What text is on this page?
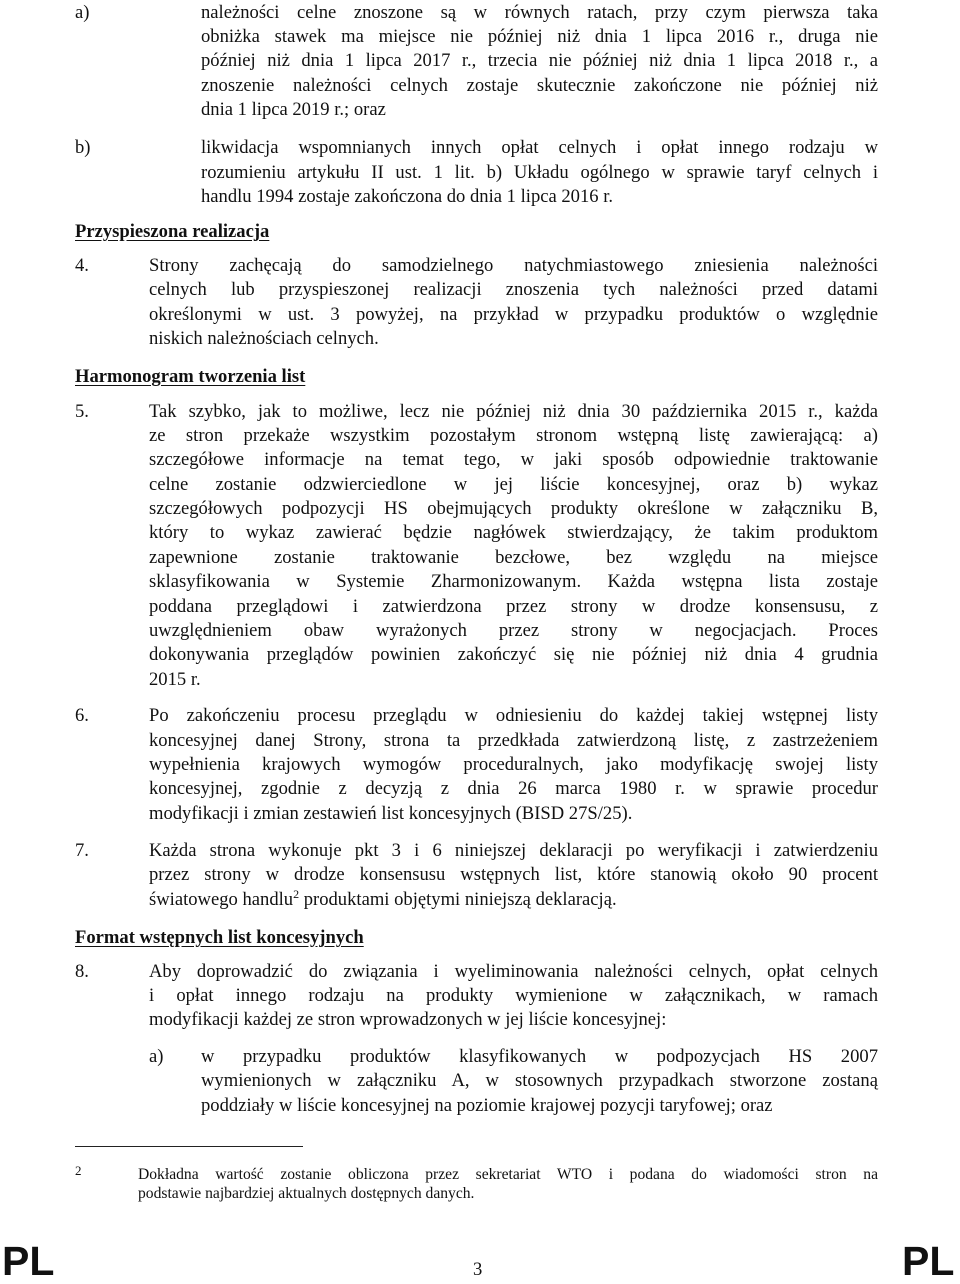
a)	należności celne znoszone są w równych ratach, przy czym pierwsza taka
obniżka stawek ma miejsce nie później niż dnia 1 lipca 2016 r., druga nie
później niż dnia 1 lipca 2017 r., trzecia nie później niż dnia 1 lipca 2018 r., a
znoszenie należności celnych zostaje skutecznie zakończone nie później niż
dnia 1 lipca 2019 r.; oraz
b)	likwidacja wspomnianych innych opłat celnych i opłat innego rodzaju w
rozumieniu artykułu II ust. 1 lit. b) Układu ogólnego w sprawie taryf celnych i
handlu 1994 zostaje zakończona do dnia 1 lipca 2016 r.
Przyspieszona realizacja
4.	Strony zachęcają do samodzielnego natychmiastowego zniesienia należności
celnych lub przyspieszonej realizacji znoszenia tych należności przed datami
określonymi w ust. 3 powyżej, na przykład w przypadku produktów o względnie
niskich należnościach celnych.
Harmonogram tworzenia list
5.	Tak szybko, jak to możliwe, lecz nie później niż dnia 30 października 2015 r., każda
ze stron przekaże wszystkim pozostałym stronom wstępną listę zawierającą: a)
szczegółowe informacje na temat tego, w jaki sposób odpowiednie traktowanie
celne zostanie odzwierciedlone w jej liście koncesyjnej, oraz b) wykaz
szczegółowych podpozycji HS obejmujących produkty określone w załączniku B,
który to wykaz zawierać będzie nagłówek stwierdzający, że takim produktom
zapewnione zostanie traktowanie bezcłowe, bez względu na miejsce
sklasyfikowania w Systemie Zharmonizowanym. Każda wstępna lista zostaje
poddana przeglądowi i zatwierdzona przez strony w drodze konsensusu, z
uwzględnieniem obaw wyrażonych przez strony w negocjacjach. Proces
dokonywania przeglądów powinien zakończyć się nie później niż dnia 4 grudnia
2015 r.
6.	Po zakończeniu procesu przeglądu w odniesieniu do każdej takiej wstępnej listy
koncesyjnej danej Strony, strona ta przedkłada zatwierdzoną listę, z zastrzeżeniem
wypełnienia krajowych wymogów proceduralnych, jako modyfikację swojej listy
koncesyjnej, zgodnie z decyzją z dnia 26 marca 1980 r. w sprawie procedur
modyfikacji i zmian zestawień list koncesyjnych (BISD 27S/25).
7.	Każda strona wykonuje pkt 3 i 6 niniejszej deklaracji po weryfikacji i zatwierdzeniu
przez strony w drodze konsensusu wstępnych list, które stanowią około 90 procent
światowego handlu$^2$ produktami objętymi niniejszą deklaracją.
Format wstępnych list koncesyjnych
8.	Aby doprowadzić do związania i wyeliminowania należności celnych, opłat celnych
i opłat innego rodzaju na produkty wymienione w załącznikach, w ramach
modyfikacji każdej ze stron wprowadzonych w jej liście koncesyjnej:
a) w przypadku produktów klasyfikowanych w podpozycjach HS 2007
wymienionych w załączniku A, w stosownych przypadkach stworzone zostaną
poddziały w liście koncesyjnej na poziomie krajowej pozycji taryfowej; oraz
2	Dokładna wartość zostanie obliczona przez sekretariat WTO i podana do wiadomości stron na
podstawie najbardziej aktualnych dostępnych danych.
PL	3	PL
